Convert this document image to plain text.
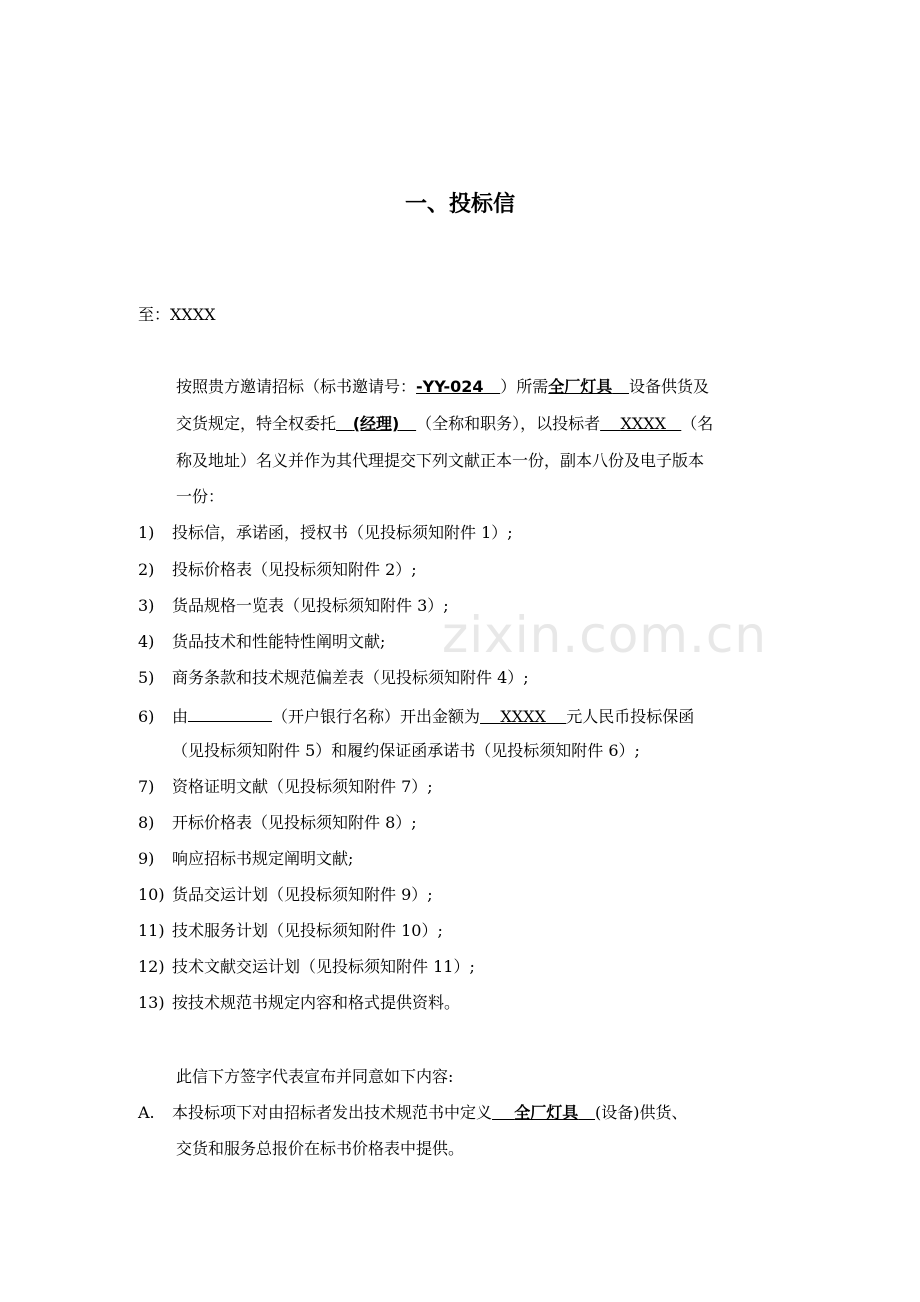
一、投标信
至：XXXX
按照贵方邀请招标（标书邀请号：-YY-024 ）所需全厂灯具 设备供货及
交货规定，特全权委托 (经理) （全称和职务），以投标者 XXXX （名
称及地址）名义并作为其代理提交下列文献正本一份，副本八份及电子版本
一份：
1) 投标信，承诺函，授权书（见投标须知附件 1）;
2) 投标价格表（见投标须知附件 2）;
3) 货品规格一览表（见投标须知附件 3）;
4) 货品技术和性能特性阐明文献;
5) 商务条款和技术规范偏差表（见投标须知附件 4）;
6) 由	（开户银行名称）开出金额为 XXXX 元人民币投标保函
（见投标须知附件 5）和履约保证函承诺书（见投标须知附件 6）;
7) 资格证明文献（见投标须知附件 7）;
8) 开标价格表（见投标须知附件 8）;
9) 响应招标书规定阐明文献;
10) 货品交运计划（见投标须知附件 9）;
11) 技术服务计划（见投标须知附件 10）;
12) 技术文献交运计划（见投标须知附件 11）;
13) 按技术规范书规定内容和格式提供资料。
此信下方签字代表宣布并同意如下内容:
A. 本投标项下对由招标者发出技术规范书中定义 全厂灯具 (设备)供货、
交货和服务总报价在标书价格表中提供。
zixin.com.cn
